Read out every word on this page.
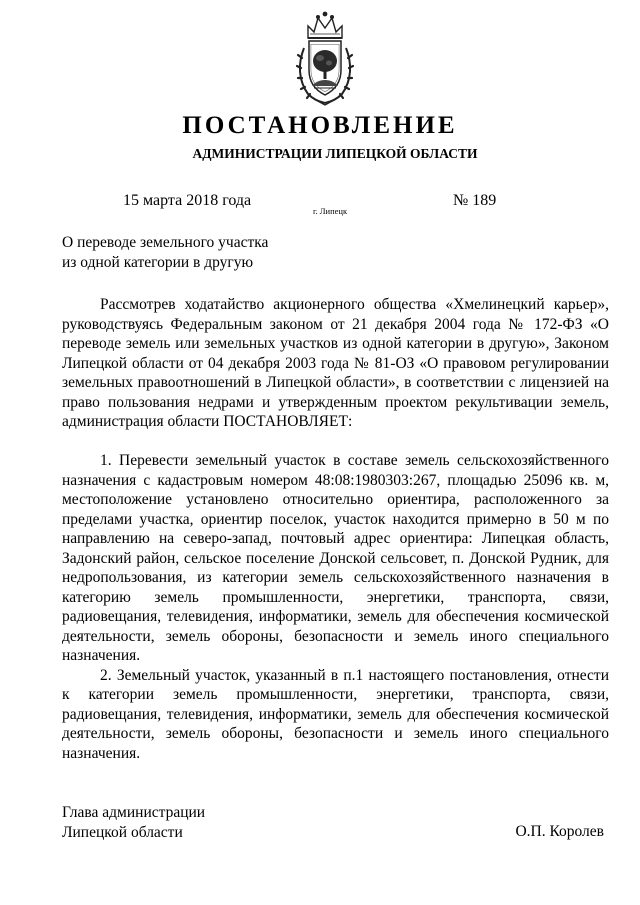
ПОСТАНОВЛЕНИЕ
АДМИНИСТРАЦИИ ЛИПЕЦКОЙ ОБЛАСТИ
15 марта 2018 года
г. Липецк
№ 189
О переводе земельного участка
из одной категории в другую

Рассмотрев ходатайство акционерного общества «Хмелинецкий карьер», руководствуясь Федеральным законом от 21 декабря 2004 года № 172-ФЗ «О переводе земель или земельных участков из одной категории в другую», Законом Липецкой области от 04 декабря 2003 года № 81-ОЗ «О правовом регулировании земельных правоотношений в Липецкой области», в соответствии с лицензией на право пользования недрами и утвержденным проектом рекультивации земель, администрация области ПОСТАНОВЛЯЕТ:

1. Перевести земельный участок в составе земель сельскохозяйственного назначения с кадастровым номером 48:08:1980303:267, площадью 25096 кв. м, местоположение установлено относительно ориентира, расположенного за пределами участка, ориентир поселок, участок находится примерно в 50 м по направлению на северо-запад, почтовый адрес ориентира: Липецкая область, Задонский район, сельское поселение Донской сельсовет, п. Донской Рудник, для недропользования, из категории земель сельскохозяйственного назначения в категорию земель промышленности, энергетики, транспорта, связи, радиовещания, телевидения, информатики, земель для обеспечения космической деятельности, земель обороны, безопасности и земель иного специального назначения.

2. Земельный участок, указанный в п.1 настоящего постановления, отнести к категории земель промышленности, энергетики, транспорта, связи, радиовещания, телевидения, информатики, земель для обеспечения космической деятельности, земель обороны, безопасности и земель иного специального назначения.

Глава администрации
Липецкой области	О.П. Королев
